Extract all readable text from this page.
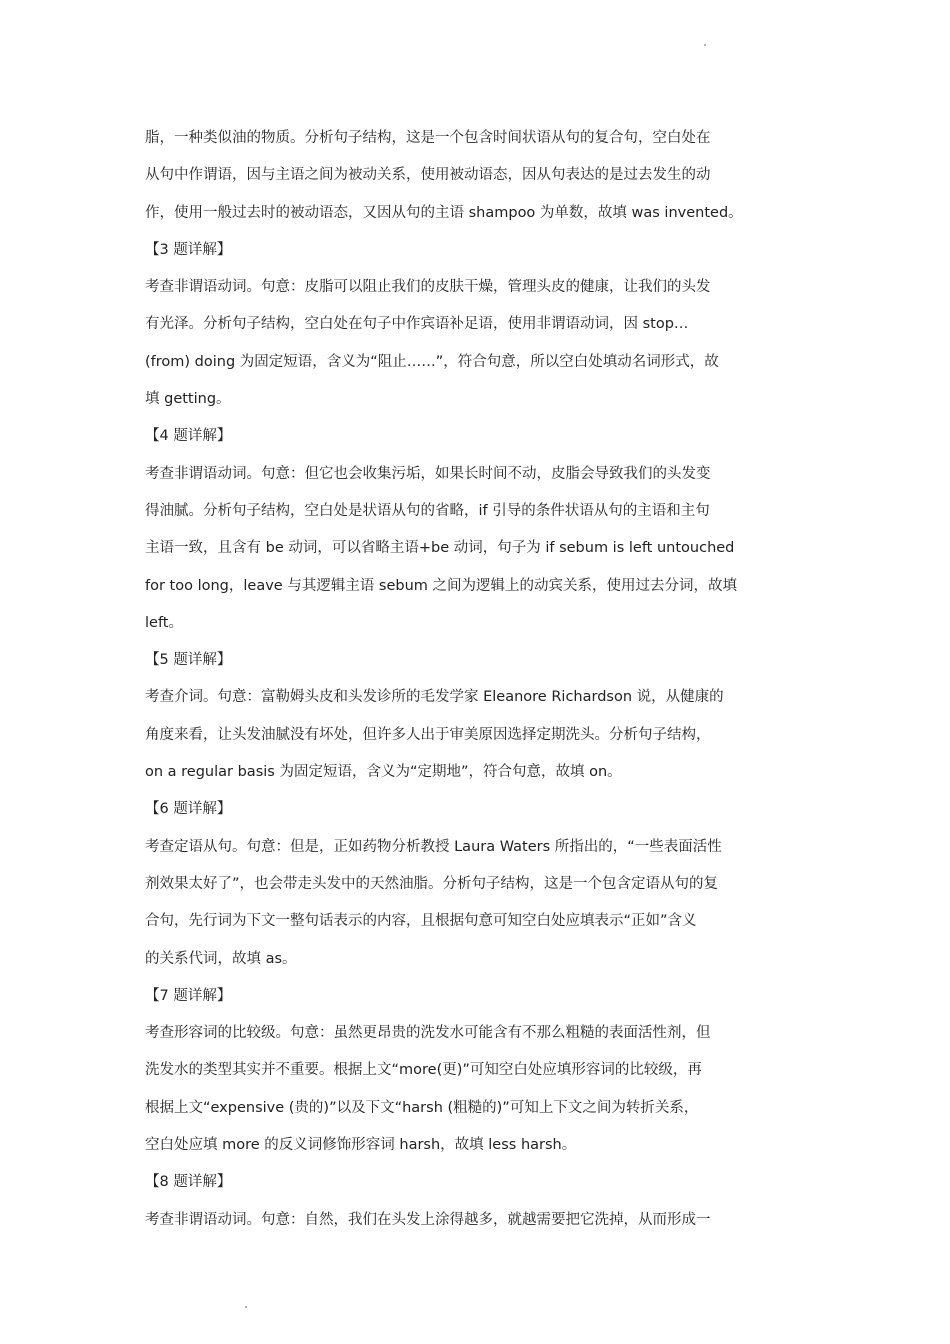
脂，一种类似油的物质。分析句子结构，这是一个包含时间状语从句的复合句，空白处在
从句中作谓语，因与主语之间为被动关系，使用被动语态，因从句表达的是过去发生的动
作，使用一般过去时的被动语态，又因从句的主语 shampoo 为单数，故填 was invented。
【3 题详解】
考查非谓语动词。句意：皮脂可以阻止我们的皮肤干燥，管理头皮的健康，让我们的头发
有光泽。分析句子结构，空白处在句子中作宾语补足语，使用非谓语动词，因 stop…
(from) doing 为固定短语，含义为“阻止……”，符合句意，所以空白处填动名词形式，故
填 getting。
【4 题详解】
考查非谓语动词。句意：但它也会收集污垢，如果长时间不动，皮脂会导致我们的头发变
得油腻。分析句子结构，空白处是状语从句的省略，if 引导的条件状语从句的主语和主句
主语一致，且含有 be 动词，可以省略主语+be 动词，句子为 if sebum is left untouched
for too long，leave 与其逻辑主语 sebum 之间为逻辑上的动宾关系，使用过去分词，故填
left。
【5 题详解】
考查介词。句意：富勒姆头皮和头发诊所的毛发学家 Eleanore Richardson 说，从健康的
角度来看，让头发油腻没有坏处，但许多人出于审美原因选择定期洗头。分析句子结构，
on a regular basis 为固定短语，含义为“定期地”，符合句意，故填 on。
【6 题详解】
考查定语从句。句意：但是，正如药物分析教授 Laura Waters 所指出的，“一些表面活性
剂效果太好了”，也会带走头发中的天然油脂。分析句子结构，这是一个包含定语从句的复
合句，先行词为下文一整句话表示的内容，且根据句意可知空白处应填表示“正如”含义
的关系代词，故填 as。
【7 题详解】
考查形容词的比较级。句意：虽然更昂贵的洗发水可能含有不那么粗糙的表面活性剂，但
洗发水的类型其实并不重要。根据上文“more(更)”可知空白处应填形容词的比较级，再
根据上文“expensive (贵的)”以及下文“harsh (粗糙的)”可知上下文之间为转折关系，
空白处应填 more 的反义词修饰形容词 harsh，故填 less harsh。
【8 题详解】
考查非谓语动词。句意：自然，我们在头发上涂得越多，就越需要把它洗掉，从而形成一
